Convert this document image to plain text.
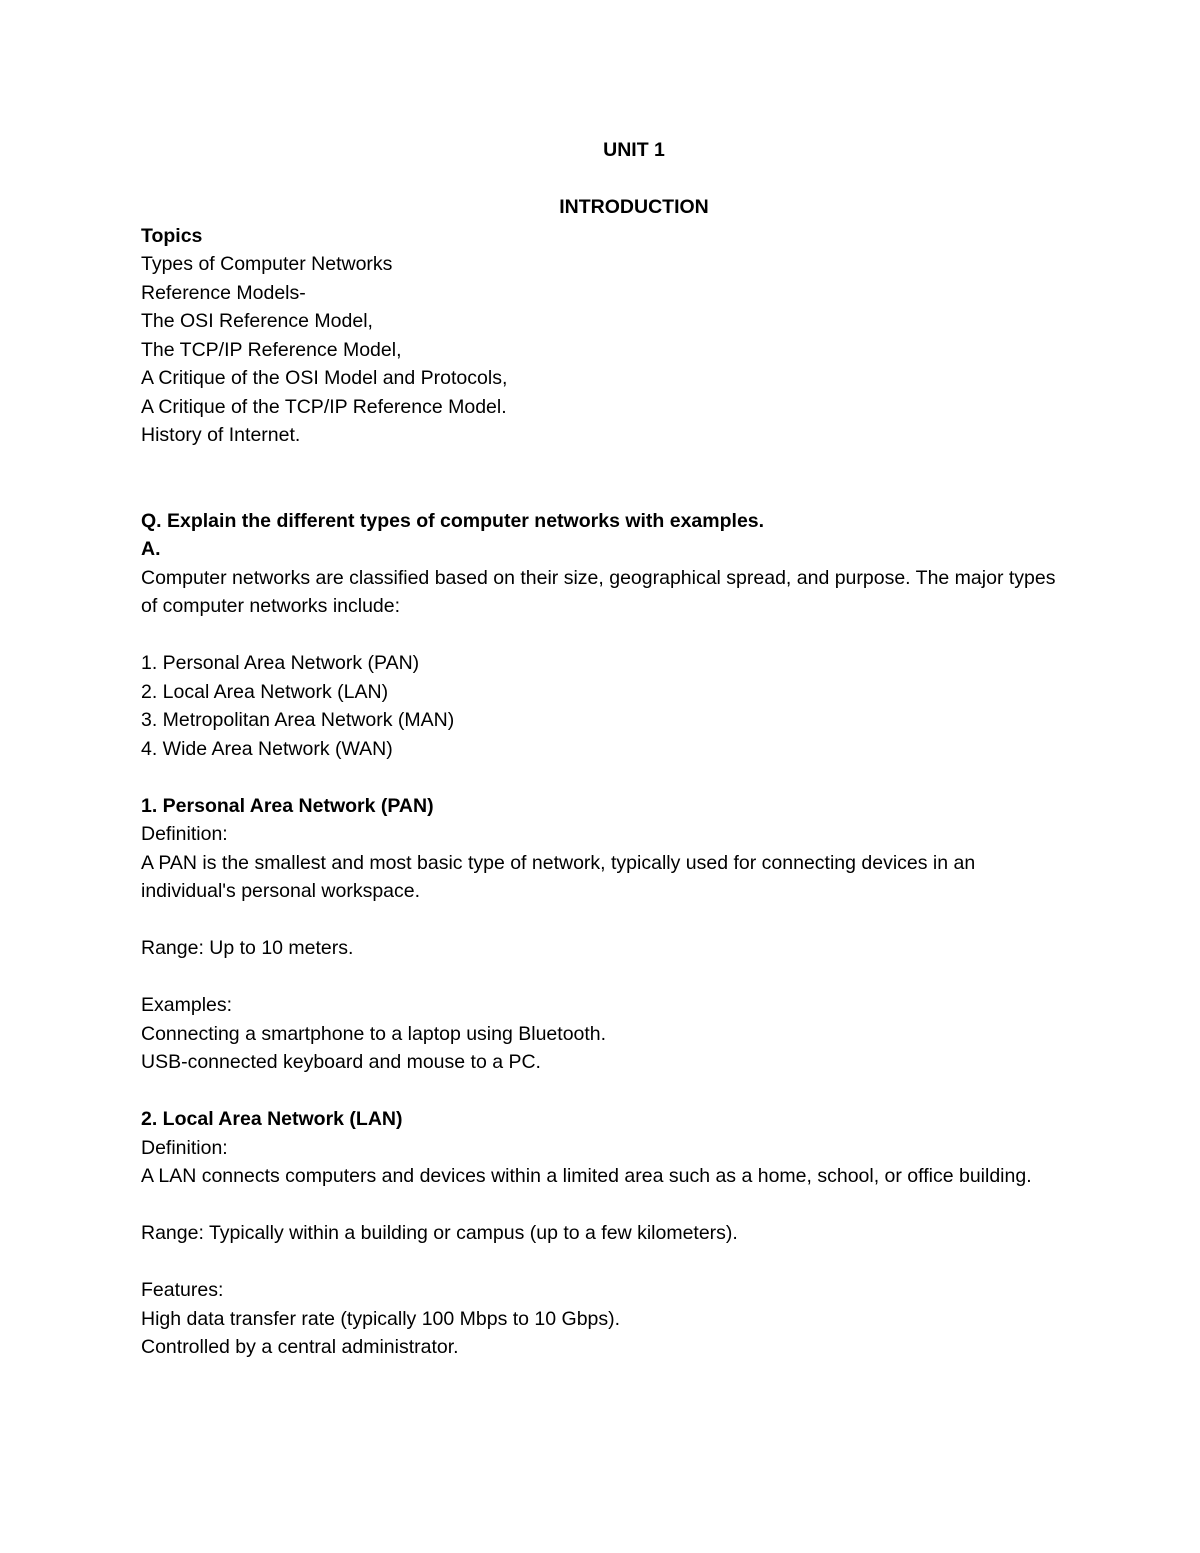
UNIT 1
INTRODUCTION
Topics
Types of Computer Networks
Reference Models-
The OSI Reference Model,
The TCP/IP Reference Model,
A Critique of the OSI Model and Protocols,
A Critique of the TCP/IP Reference Model.
History of Internet.
Q. Explain the different types of computer networks with examples.
A.
Computer networks are classified based on their size, geographical spread, and purpose. The major types of computer networks include:
1. Personal Area Network (PAN)
2. Local Area Network (LAN)
3. Metropolitan Area Network (MAN)
4. Wide Area Network (WAN)
1. Personal Area Network (PAN)
Definition:
A PAN is the smallest and most basic type of network, typically used for connecting devices in an individual's personal workspace.
Range: Up to 10 meters.
Examples:
Connecting a smartphone to a laptop using Bluetooth.
USB-connected keyboard and mouse to a PC.
2. Local Area Network (LAN)
Definition:
A LAN connects computers and devices within a limited area such as a home, school, or office building.
Range: Typically within a building or campus (up to a few kilometers).
Features:
High data transfer rate (typically 100 Mbps to 10 Gbps).
Controlled by a central administrator.
